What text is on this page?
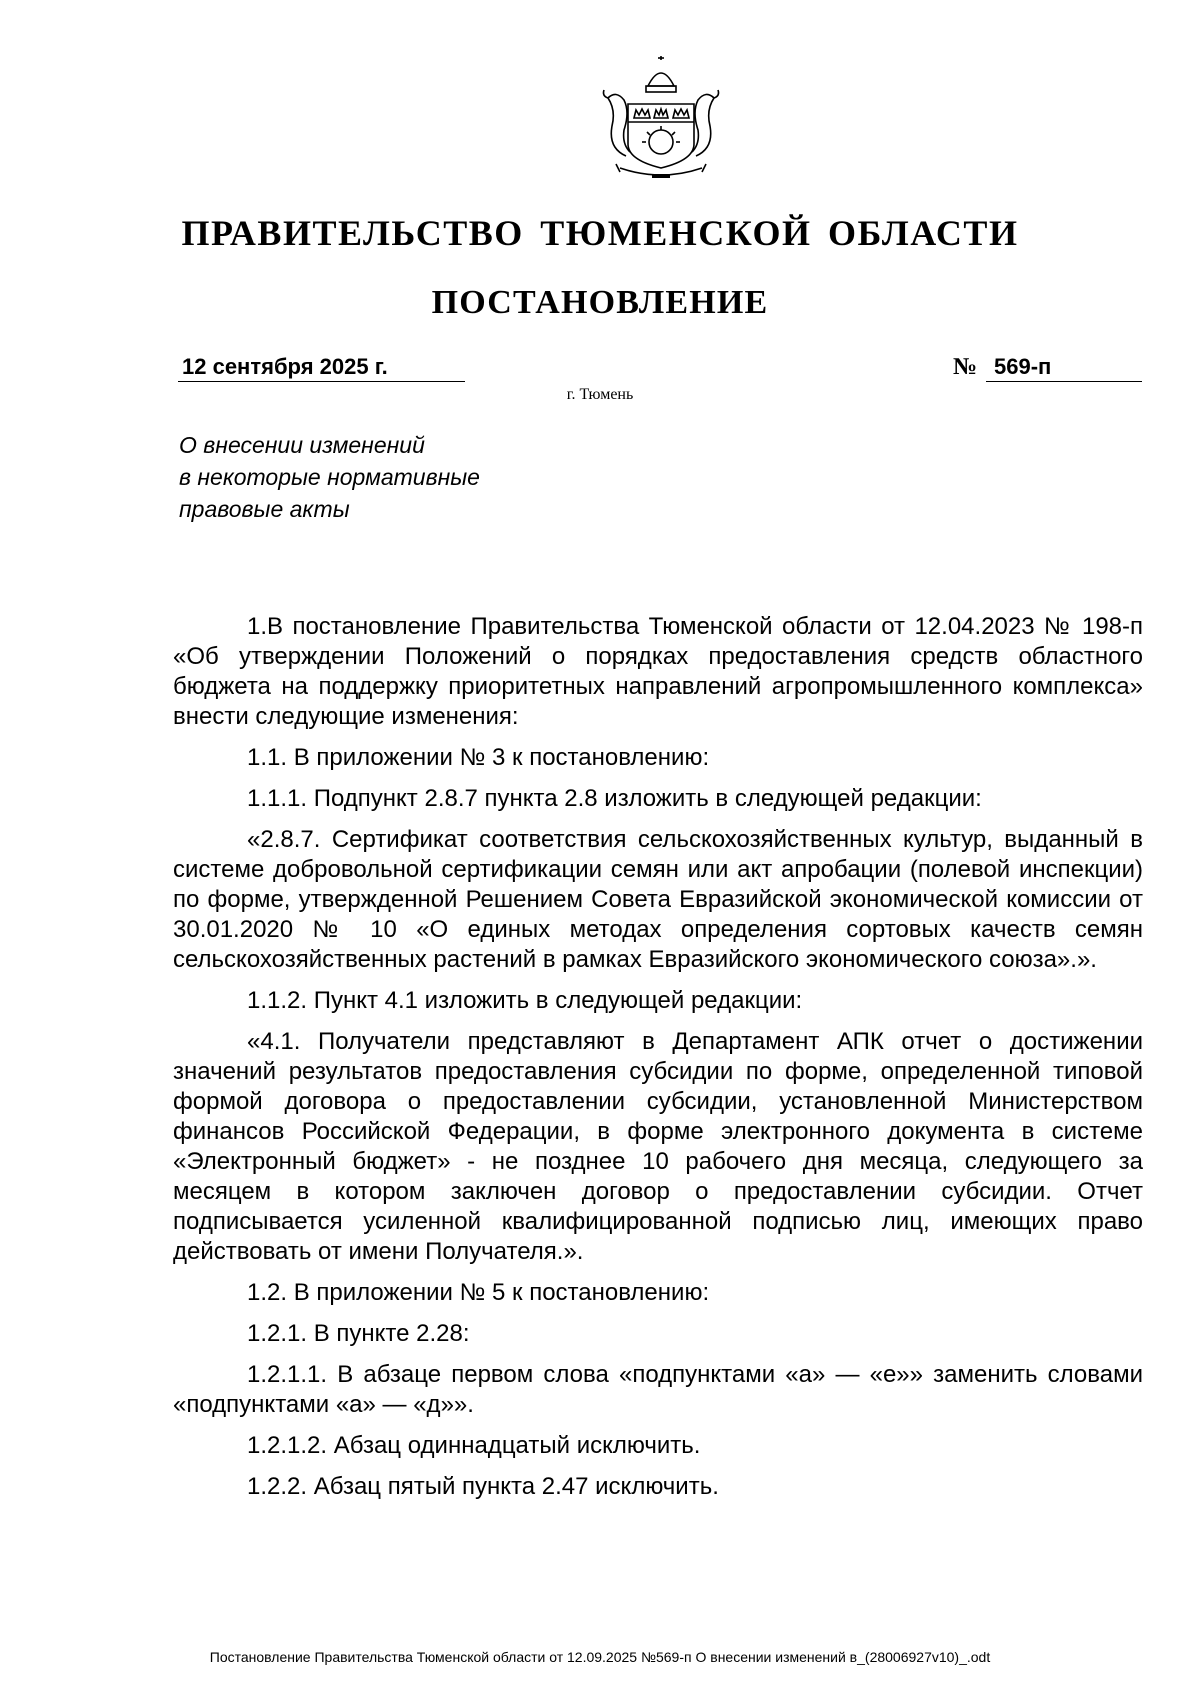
ПРАВИТЕЛЬСТВО ТЮМЕНСКОЙ ОБЛАСТИ
ПОСТАНОВЛЕНИЕ
12 сентября 2025 г.	№ 569-п
г. Тюмень
О внесении изменений
в некоторые нормативные
правовые акты

1.В постановление Правительства Тюменской области от 12.04.2023 № 198-п «Об утверждении Положений о порядках предоставления средств областного бюджета на поддержку приоритетных направлений агропромышленного комплекса» внести следующие изменения:

1.1. В приложении № 3 к постановлению:

1.1.1. Подпункт 2.8.7 пункта 2.8 изложить в следующей редакции:

«2.8.7. Сертификат соответствия сельскохозяйственных культур, выданный в системе добровольной сертификации семян или акт апробации (полевой инспекции) по форме, утвержденной Решением Совета Евразийской экономической комиссии от 30.01.2020 № 10 «О единых методах определения сортовых качеств семян сельскохозяйственных растений в рамках Евразийского экономического союза».».

1.1.2. Пункт 4.1 изложить в следующей редакции:

«4.1. Получатели представляют в Департамент АПК отчет о достижении значений результатов предоставления субсидии по форме, определенной типовой формой договора о предоставлении субсидии, установленной Министерством финансов Российской Федерации, в форме электронного документа в системе «Электронный бюджет» - не позднее 10 рабочего дня месяца, следующего за месяцем в котором заключен договор о предоставлении субсидии. Отчет подписывается усиленной квалифицированной подписью лиц, имеющих право действовать от имени Получателя.».

1.2. В приложении № 5 к постановлению:

1.2.1. В пункте 2.28:

1.2.1.1. В абзаце первом слова «подпунктами «а» — «е»» заменить словами «подпунктами «а» — «д»».

1.2.1.2. Абзац одиннадцатый исключить.

1.2.2. Абзац пятый пункта 2.47 исключить.

Постановление Правительства Тюменской области от 12.09.2025 №569-п О внесении изменений в_(28006927v10)_.odt
